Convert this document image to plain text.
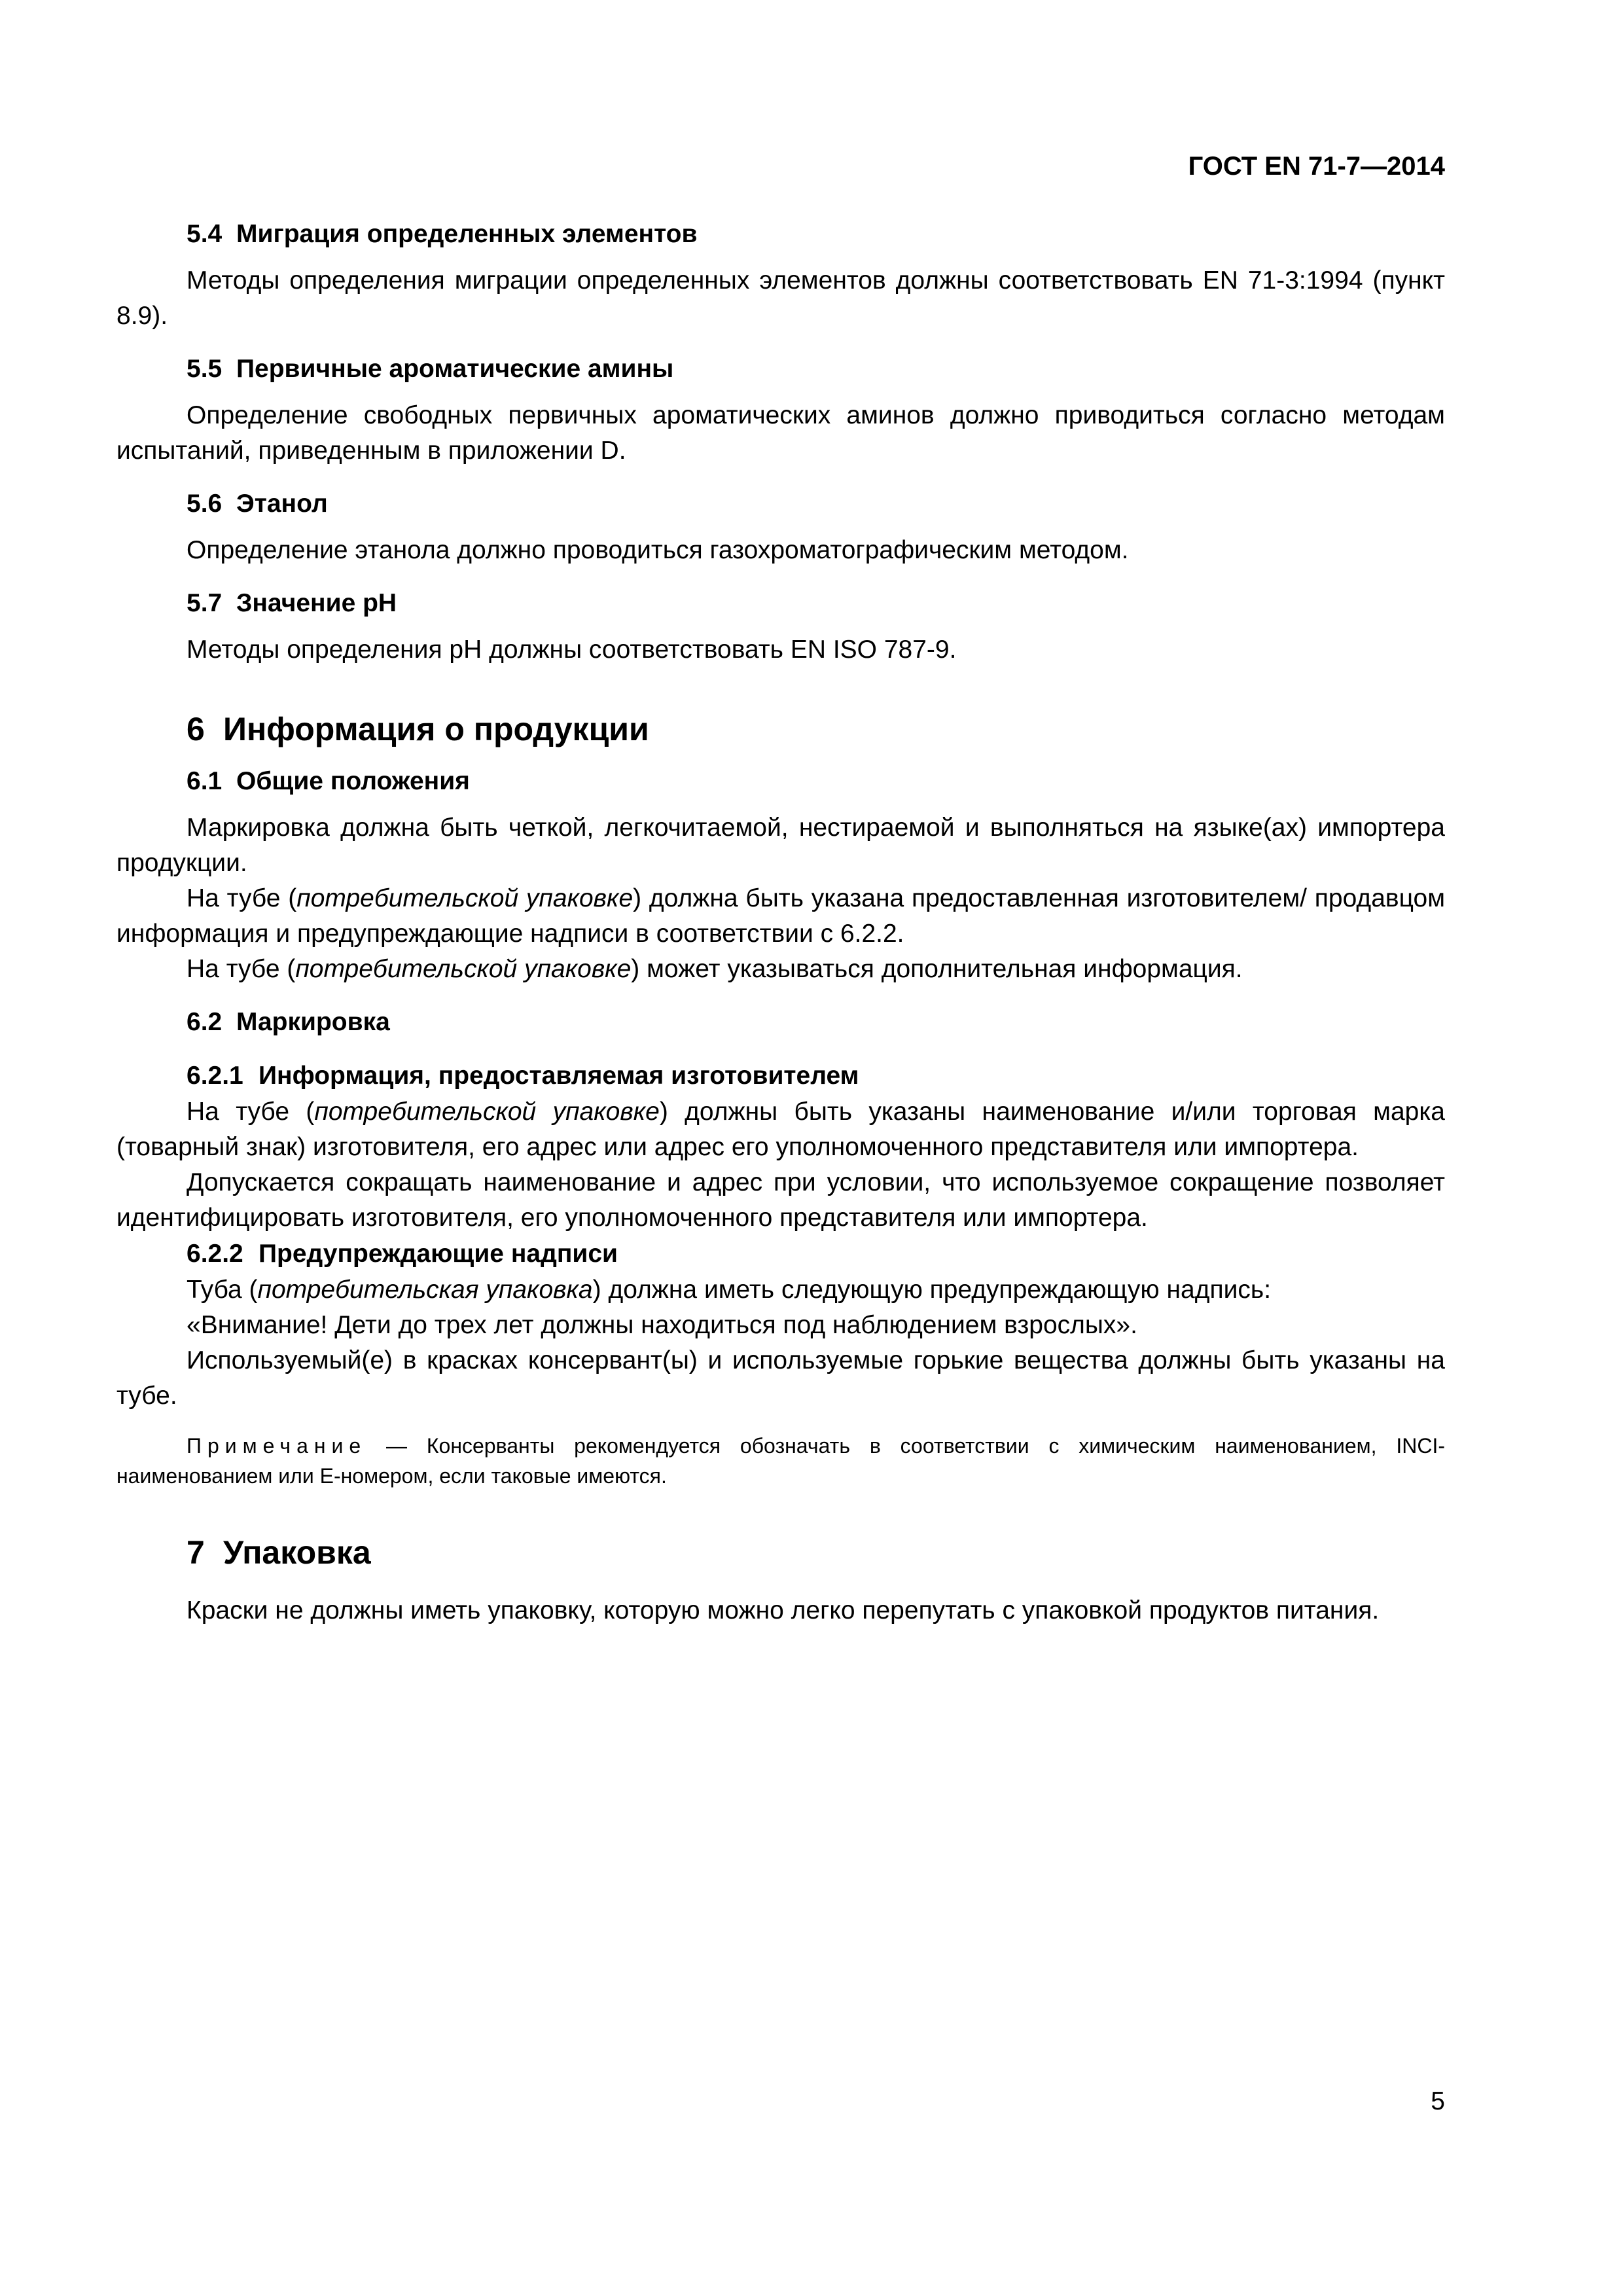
ГОСТ EN 71-7—2014
5.4 Миграция определенных элементов

Методы определения миграции определенных элементов должны соответствовать EN 71-3:1994 (пункт 8.9).

5.5 Первичные ароматические амины

Определение свободных первичных ароматических аминов должно приводиться согласно методам испытаний, приведенным в приложении D.

5.6 Этанол

Определение этанола должно проводиться газохроматографическим методом.

5.7 Значение pH

Методы определения pH должны соответствовать EN ISO 787-9.

6 Информация о продукции
6.1 Общие положения

Маркировка должна быть четкой, легкочитаемой, нестираемой и выполняться на языке(ах) импортера продукции.

На тубе (потребительской упаковке) должна быть указана предоставленная изготовителем/ продавцом информация и предупреждающие надписи в соответствии с 6.2.2.

На тубе (потребительской упаковке) может указываться дополнительная информация.

6.2 Маркировка
6.2.1 Информация, предоставляемая изготовителем

На тубе (потребительской упаковке) должны быть указаны наименование и/или торговая марка (товарный знак) изготовителя, его адрес или адрес его уполномоченного представителя или импортера.

Допускается сокращать наименование и адрес при условии, что используемое сокращение позволяет идентифицировать изготовителя, его уполномоченного представителя или импортера.

6.2.2 Предупреждающие надписи

Туба (потребительская упаковка) должна иметь следующую предупреждающую надпись:

«Внимание! Дети до трех лет должны находиться под наблюдением взрослых».

Используемый(е) в красках консервант(ы) и используемые горькие вещества должны быть указаны на тубе.

Примечание — Консерванты рекомендуется обозначать в соответствии с химическим наименованием, INCI-наименованием или Е-номером, если таковые имеются.

7 Упаковка

Краски не должны иметь упаковку, которую можно легко перепутать с упаковкой продуктов питания.

5
